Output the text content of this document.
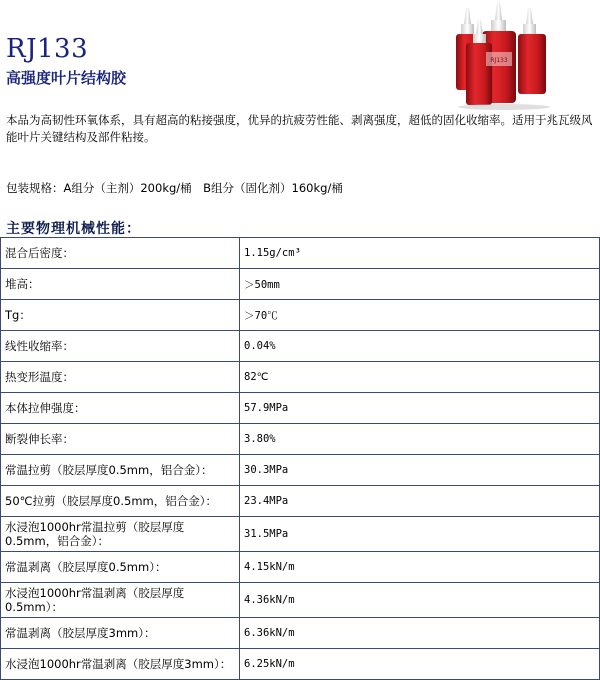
RJ133
高强度叶片结构胶
RJ133
本品为高韧性环氧体系，具有超高的粘接强度，优异的抗疲劳性能、剥离强度，超低的固化收缩率。适用于兆瓦级风能叶片关键结构及部件粘接。
包装规格：A组分（主剂）200kg/桶　B组分（固化剂）160kg/桶
主要物理机械性能：
混合后密度：	1.15g/cm³
堆高：	＞50mm
Tg：	＞70℃
线性收缩率：	0.04%
热变形温度：	82℃
本体拉伸强度：	57.9MPa
断裂伸长率：	3.80%
常温拉剪（胶层厚度0.5mm，铝合金）：	30.3MPa
50℃拉剪（胶层厚度0.5mm，铝合金）：	23.4MPa
水浸泡1000hr常温拉剪（胶层厚度0.5mm，铝合金）：	31.5MPa
常温剥离（胶层厚度0.5mm）：	4.15kN/m
水浸泡1000hr常温剥离（胶层厚度0.5mm）：	4.36kN/m
常温剥离（胶层厚度3mm）：	6.36kN/m
水浸泡1000hr常温剥离（胶层厚度3mm）：	6.25kN/m
